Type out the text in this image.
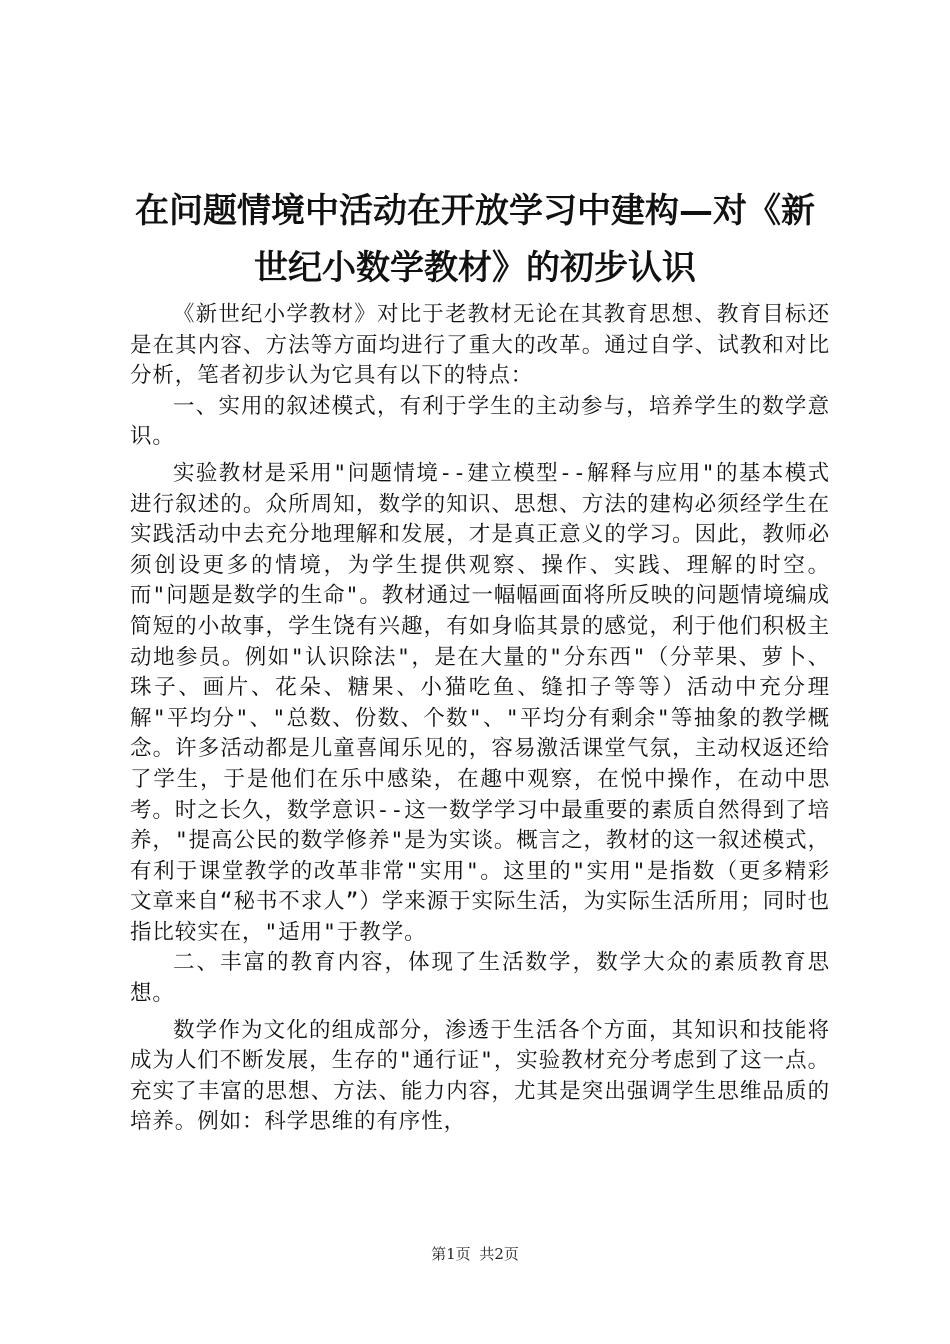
在问题情境中活动在开放学习中建构—对《新
世纪小数学教材》的初步认识

《新世纪小学教材》对比于老教材无论在其教育思想、教育目标还是在其内容、方法等方面均进行了重大的改革。通过自学、试教和对比分析，笔者初步认为它具有以下的特点：

一、实用的叙述模式，有利于学生的主动参与，培养学生的数学意识。

实验教材是采用"问题情境--建立模型--解释与应用"的基本模式进行叙述的。众所周知，数学的知识、思想、方法的建构必须经学生在实践活动中去充分地理解和发展，才是真正意义的学习。因此，教师必须创设更多的情境，为学生提供观察、操作、实践、理解的时空。而"问题是数学的生命"。教材通过一幅幅画面将所反映的问题情境编成简短的小故事，学生饶有兴趣，有如身临其景的感觉，利于他们积极主动地参员。例如"认识除法"，是在大量的"分东西"（分苹果、萝卜、珠子、画片、花朵、糖果、小猫吃鱼、缝扣子等等）活动中充分理解"平均分"、"总数、份数、个数"、"平均分有剩余"等抽象的教学概念。许多活动都是儿童喜闻乐见的，容易激活课堂气氛，主动权返还给了学生，于是他们在乐中感染，在趣中观察，在悦中操作，在动中思考。时之长久，数学意识--这一数学学习中最重要的素质自然得到了培养，"提高公民的数学修养"是为实谈。概言之，教材的这一叙述模式，有利于课堂教学的改革非常"实用"。这里的"实用"是指数（更多精彩文章来自“秘书不求人”）学来源于实际生活，为实际生活所用；同时也指比较实在，"适用"于教学。

二、丰富的教育内容，体现了生活数学，数学大众的素质教育思想。

数学作为文化的组成部分，渗透于生活各个方面，其知识和技能将成为人们不断发展，生存的"通行证"，实验教材充分考虑到了这一点。充实了丰富的思想、方法、能力内容，尤其是突出强调学生思维品质的培养。例如：科学思维的有序性，

第1页 共2页
